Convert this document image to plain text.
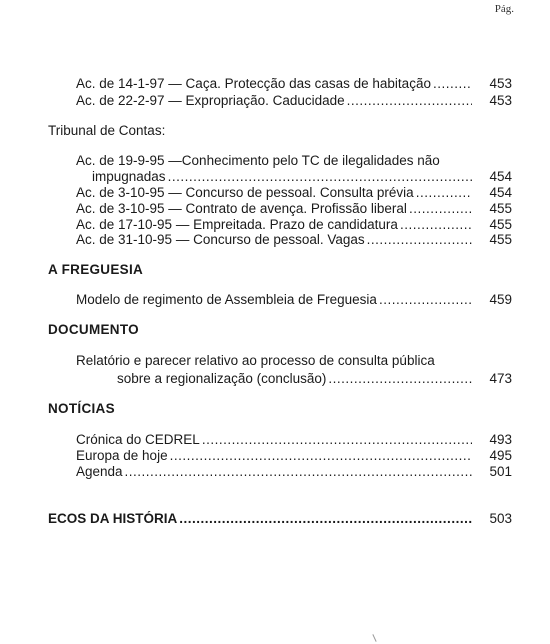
Pág.
Ac. de 14-1-97 — Caça. Protecção das casas de habitação .....	453
Ac. de 22-2-97 — Expropriação. Caducidade .....	453
Tribunal de Contas:
Ac. de 19-9-95 —Conhecimento pelo TC de ilegalidades não
impugnadas .....	454
Ac. de 3-10-95 — Concurso de pessoal. Consulta prévia .....	454
Ac. de 3-10-95 — Contrato de avença. Profissão liberal .....	455
Ac. de 17-10-95 — Empreitada. Prazo de candidatura .....	455
Ac. de 31-10-95 — Concurso de pessoal. Vagas .....	455
A FREGUESIA
Modelo de regimento de Assembleia de Freguesia .....	459
DOCUMENTO
Relatório e parecer relativo ao processo de consulta pública
sobre a regionalização (conclusão) .....	473
NOTÍCIAS
Crónica do CEDREL .....	493
Europa de hoje .....	495
Agenda .....	501
ECOS DA HISTÓRIA .....	503
